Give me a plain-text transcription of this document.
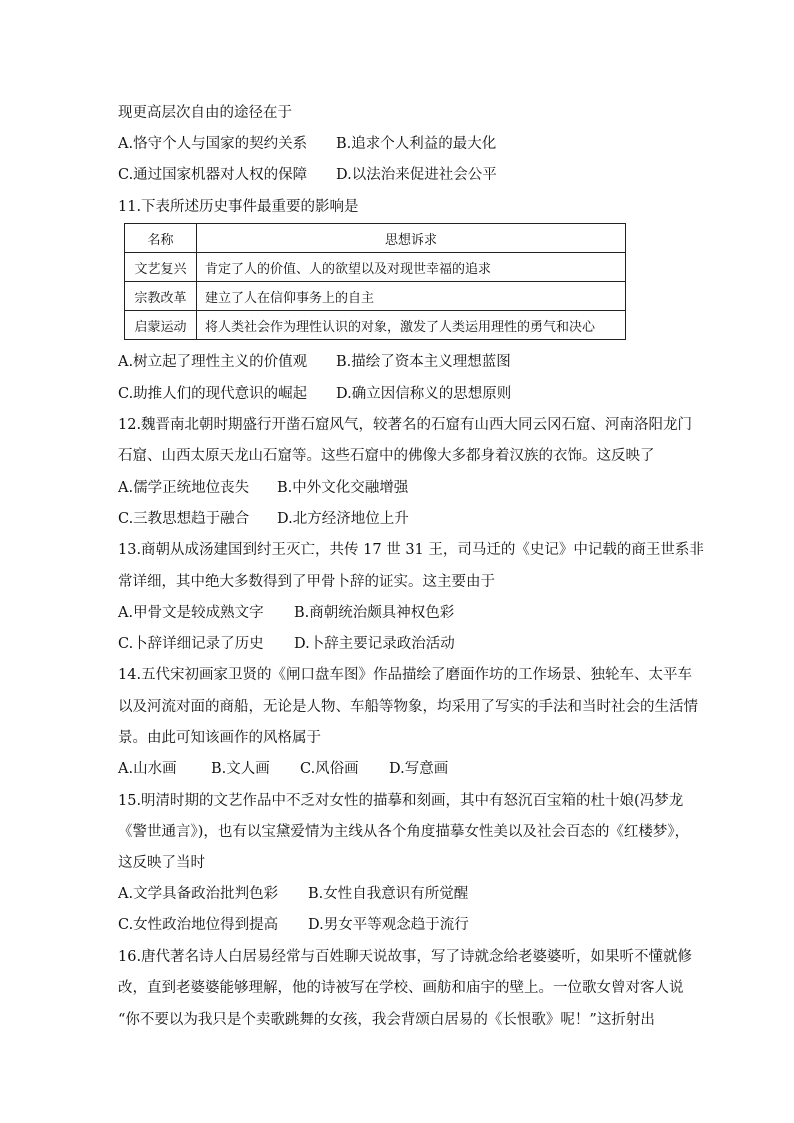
现更高层次自由的途径在于
A.恪守个人与国家的契约关系 B.追求个人利益的最大化
C.通过国家机器对人权的保障 D.以法治来促进社会公平
11.下表所述历史事件最重要的影响是
名称	思想诉求
文艺复兴	肯定了人的价值、人的欲望以及对现世幸福的追求
宗教改革	建立了人在信仰事务上的自主
启蒙运动	将人类社会作为理性认识的对象，激发了人类运用理性的勇气和决心
A.树立起了理性主义的价值观 B.描绘了资本主义理想蓝图
C.助推人们的现代意识的崛起 D.确立因信称义的思想原则
12.魏晋南北朝时期盛行开凿石窟风气，较著名的石窟有山西大同云冈石窟、河南洛阳龙门
石窟、山西太原天龙山石窟等。这些石窟中的佛像大多都身着汉族的衣饰。这反映了
A.儒学正统地位丧失 B.中外文化交融增强
C.三教思想趋于融合 D.北方经济地位上升
13.商朝从成汤建国到纣王灭亡，共传 17 世 31 王，司马迁的《史记》中记载的商王世系非
常详细，其中绝大多数得到了甲骨卜辞的证实。这主要由于
A.甲骨文是较成熟文字 B.商朝统治颇具神权色彩
C.卜辞详细记录了历史 D.卜辞主要记录政治活动
14.五代宋初画家卫贤的《闸口盘车图》作品描绘了磨面作坊的工作场景、独轮车、太平车
以及河流对面的商船，无论是人物、车船等物象，均采用了写实的手法和当时社会的生活情
景。由此可知该画作的风格属于
A.山水画 B.文人画 C.风俗画 D.写意画
15.明清时期的文艺作品中不乏对女性的描摹和刻画，其中有怒沉百宝箱的杜十娘(冯梦龙
《警世通言》)，也有以宝黛爱情为主线从各个角度描摹女性美以及社会百态的《红楼梦》，
这反映了当时
A.文学具备政治批判色彩 B.女性自我意识有所觉醒
C.女性政治地位得到提高 D.男女平等观念趋于流行
16.唐代著名诗人白居易经常与百姓聊天说故事，写了诗就念给老婆婆听，如果听不懂就修
改，直到老婆婆能够理解，他的诗被写在学校、画舫和庙宇的壁上。一位歌女曾对客人说
“你不要以为我只是个卖歌跳舞的女孩，我会背颂白居易的《长恨歌》呢！”这折射出
